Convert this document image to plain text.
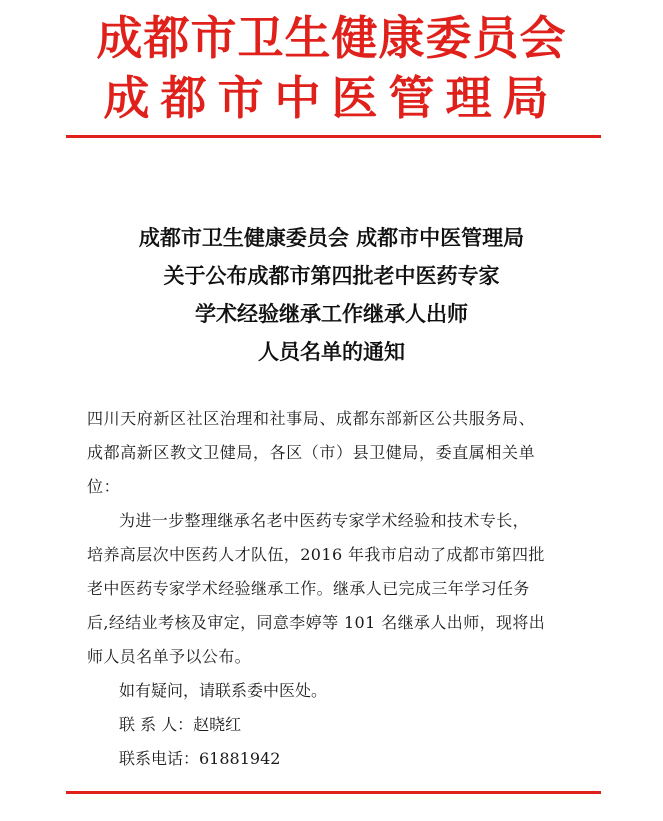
成都市卫生健康委员会
成都市中医管理局
成都市卫生健康委员会 成都市中医管理局
关于公布成都市第四批老中医药专家
学术经验继承工作继承人出师
人员名单的通知

四川天府新区社区治理和社事局、成都东部新区公共服务局、
成都高新区教文卫健局，各区（市）县卫健局，委直属相关单
位：

为进一步整理继承名老中医药专家学术经验和技术专长，
培养高层次中医药人才队伍，2016 年我市启动了成都市第四批
老中医药专家学术经验继承工作。继承人已完成三年学习任务
后,经结业考核及审定，同意李婷等 101 名继承人出师，现将出
师人员名单予以公布。

如有疑问，请联系委中医处。

联 系 人：赵晓红

联系电话：61881942
